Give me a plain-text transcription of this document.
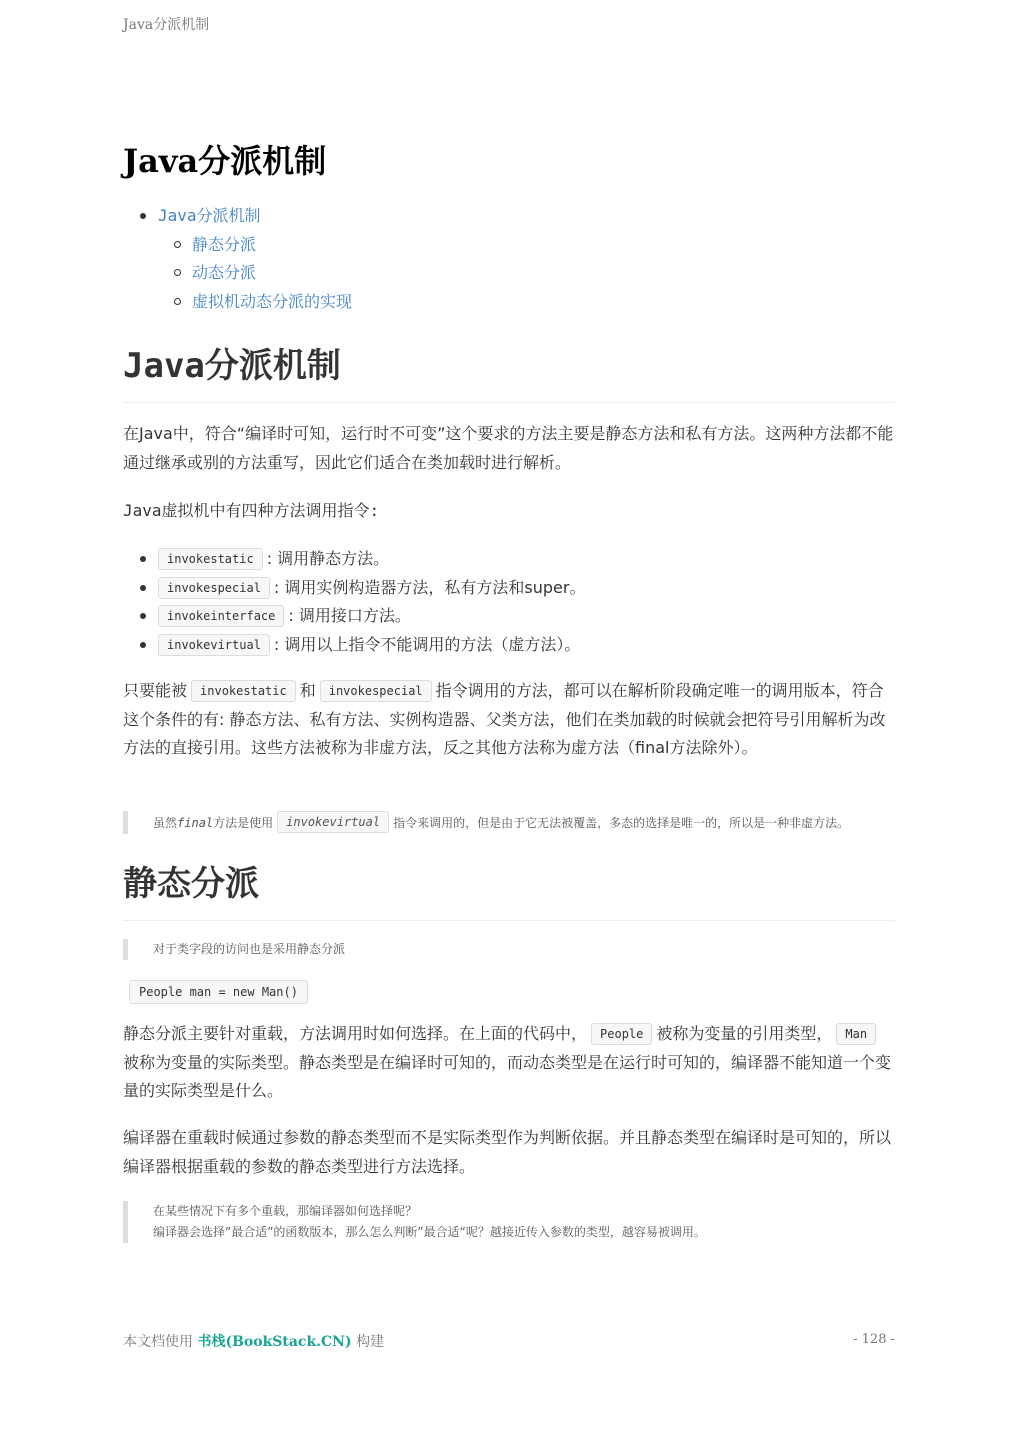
Java分派机制
Java分派机制
Java分派机制
静态分派
动态分派
虚拟机动态分派的实现
Java分派机制

在Java中，符合“编译时可知，运行时不可变”这个要求的方法主要是静态方法和私有方法。这两种方法都不能通过继承或别的方法重写，因此它们适合在类加载时进行解析。

Java虚拟机中有四种方法调用指令:

invokestatic : 调用静态方法。
invokespecial : 调用实例构造器方法，私有方法和super。
invokeinterface : 调用接口方法。
invokevirtual : 调用以上指令不能调用的方法（虚方法）。

只要能被 invokestatic 和 invokespecial 指令调用的方法，都可以在解析阶段确定唯一的调用版本，符合这个条件的有: 静态方法、私有方法、实例构造器、父类方法，他们在类加载的时候就会把符号引用解析为改方法的直接引用。这些方法被称为非虚方法，反之其他方法称为虚方法（final方法除外）。

虽然final方法是使用 invokevirtual 指令来调用的，但是由于它无法被覆盖，多态的选择是唯一的，所以是一种非虚方法。
静态分派
对于类字段的访问也是采用静态分派
People man = new Man()

静态分派主要针对重载，方法调用时如何选择。在上面的代码中， People 被称为变量的引用类型， Man被称为变量的实际类型。静态类型是在编译时可知的，而动态类型是在运行时可知的，编译器不能知道一个变量的实际类型是什么。

编译器在重载时候通过参数的静态类型而不是实际类型作为判断依据。并且静态类型在编译时是可知的，所以编译器根据重载的参数的静态类型进行方法选择。

在某些情况下有多个重载，那编译器如何选择呢？
编译器会选择”最合适”的函数版本，那么怎么判断”最合适“呢？越接近传入参数的类型，越容易被调用。
本文档使用 书栈(BookStack.CN) 构建	- 128 -
